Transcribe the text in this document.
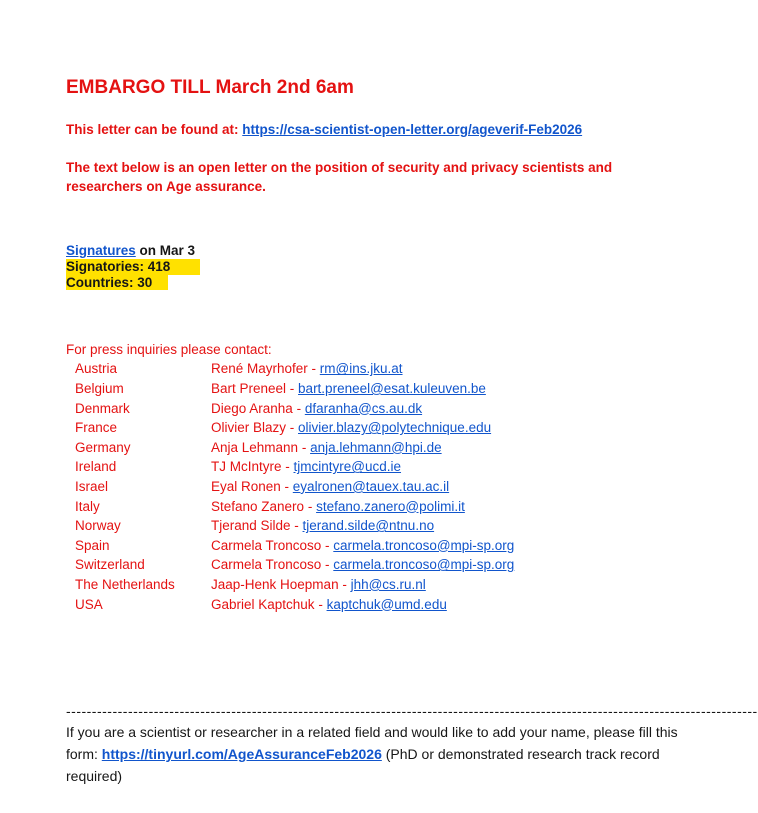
EMBARGO TILL March 2nd 6am

This letter can be found at: https://csa-scientist-open-letter.org/ageverif-Feb2026

The text below is an open letter on the position of security and privacy scientists and researchers on Age assurance.

Signatures on Mar 3
Signatories: 418
Countries: 30

For press inquiries please contact:

Austria	René Mayrhofer - rm@ins.jku.at
Belgium	Bart Preneel - bart.preneel@esat.kuleuven.be
Denmark	Diego Aranha - dfaranha@cs.au.dk
France	Olivier Blazy - olivier.blazy@polytechnique.edu
Germany	Anja Lehmann - anja.lehmann@hpi.de
Ireland	TJ McIntyre - tjmcintyre@ucd.ie
Israel	Eyal Ronen - eyalronen@tauex.tau.ac.il
Italy	Stefano Zanero - stefano.zanero@polimi.it
Norway	Tjerand Silde - tjerand.silde@ntnu.no
Spain	Carmela Troncoso - carmela.troncoso@mpi-sp.org
Switzerland	Carmela Troncoso - carmela.troncoso@mpi-sp.org
The Netherlands	Jaap-Henk Hoepman - jhh@cs.ru.nl
USA	Gabriel Kaptchuk - kaptchuk@umd.edu
--------------------------------------------------------------------------------------------------------------------------------------

If you are a scientist or researcher in a related field and would like to add your name, please fill this form: https://tinyurl.com/AgeAssuranceFeb2026 (PhD or demonstrated research track record required)
